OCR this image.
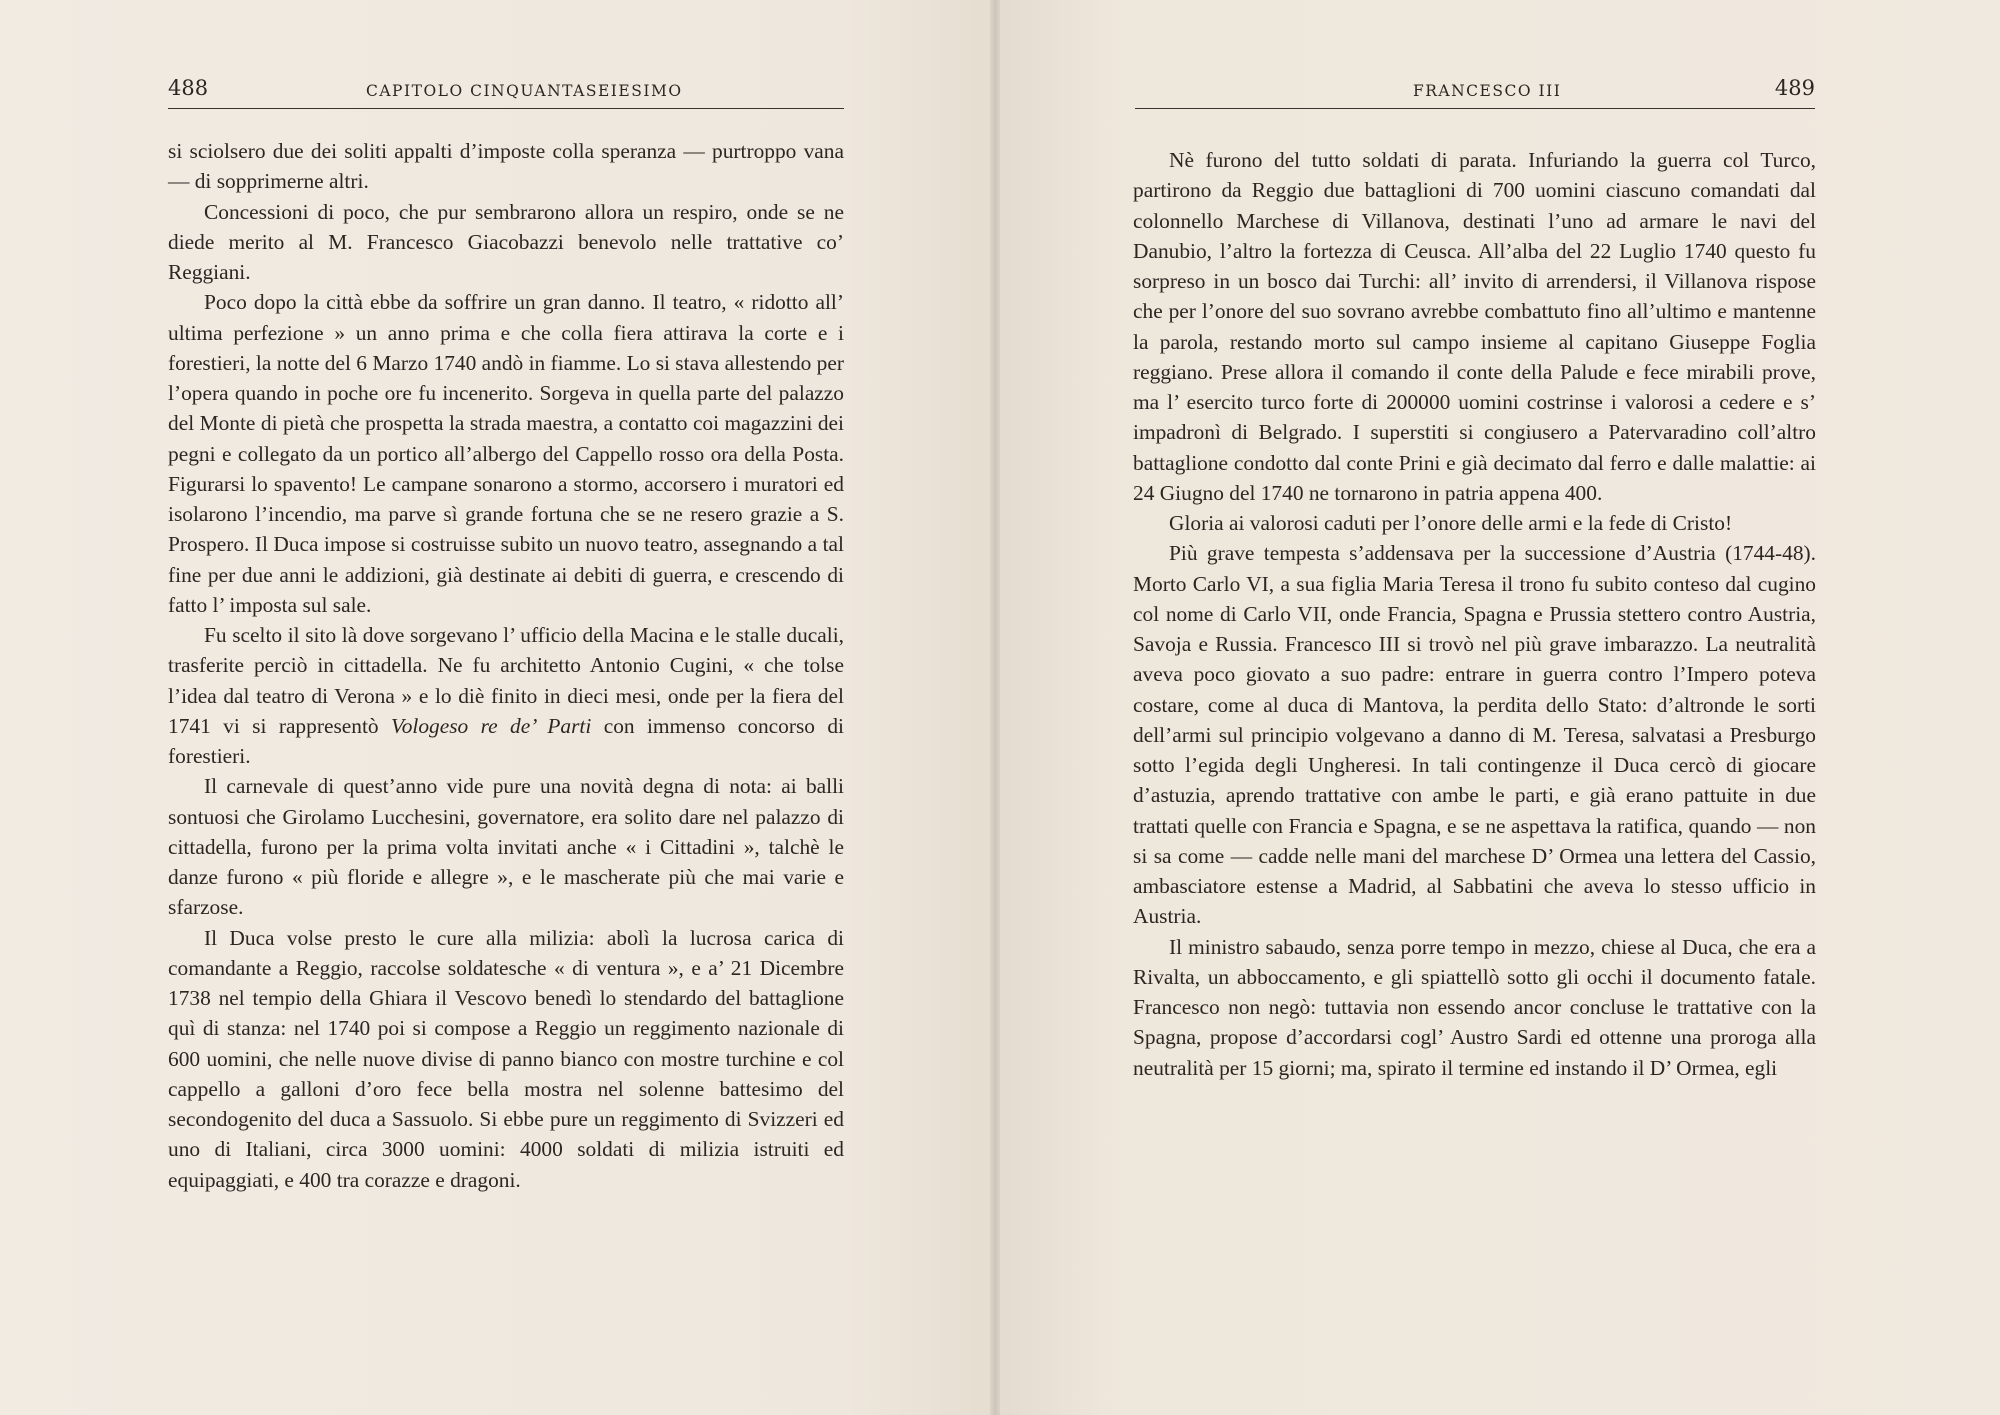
488	CAPITOLO CINQUANTASEIESIMO

si sciolsero due dei soliti appalti d’imposte colla speranza — purtroppo vana — di sopprimerne altri.

Concessioni di poco, che pur sembrarono allora un respiro, onde se ne diede merito al M. Francesco Giacobazzi benevolo nelle trattative co’ Reggiani.

Poco dopo la città ebbe da soffrire un gran danno. Il teatro, « ridotto all’ ultima perfezione » un anno prima e che colla fiera attirava la corte e i forestieri, la notte del 6 Marzo 1740 andò in fiamme. Lo si stava allestendo per l’opera quando in poche ore fu incenerito. Sorgeva in quella parte del palazzo del Monte di pietà che prospetta la strada maestra, a contatto coi magazzini dei pegni e collegato da un portico all’albergo del Cappello rosso ora della Posta. Figurarsi lo spavento! Le campane sonarono a stormo, accorsero i muratori ed isolarono l’incendio, ma parve sì grande fortuna che se ne resero grazie a S. Prospero. Il Duca impose si costruisse subito un nuovo teatro, assegnando a tal fine per due anni le addizioni, già destinate ai debiti di guerra, e crescendo di fatto l’ imposta sul sale.

Fu scelto il sito là dove sorgevano l’ ufficio della Macina e le stalle ducali, trasferite perciò in cittadella. Ne fu architetto Antonio Cugini, « che tolse l’idea dal teatro di Verona » e lo diè finito in dieci mesi, onde per la fiera del 1741 vi si rappresentò Vologeso re de’ Parti con immenso concorso di forestieri.

Il carnevale di quest’anno vide pure una novità degna di nota: ai balli sontuosi che Girolamo Lucchesini, governatore, era solito dare nel palazzo di cittadella, furono per la prima volta invitati anche « i Cittadini », talchè le danze furono « più floride e allegre », e le mascherate più che mai varie e sfarzose.

Il Duca volse presto le cure alla milizia: abolì la lucrosa carica di comandante a Reggio, raccolse soldatesche « di ventura », e a’ 21 Dicembre 1738 nel tempio della Ghiara il Vescovo benedì lo stendardo del battaglione quì di stanza: nel 1740 poi si compose a Reggio un reggimento nazionale di 600 uomini, che nelle nuove divise di panno bianco con mostre turchine e col cappello a galloni d’oro fece bella mostra nel solenne battesimo del secondogenito del duca a Sassuolo. Si ebbe pure un reggimento di Svizzeri ed uno di Italiani, circa 3000 uomini: 4000 soldati di milizia istruiti ed equipaggiati, e 400 tra corazze e dragoni.

FRANCESCO III	489

Nè furono del tutto soldati di parata. Infuriando la guerra col Turco, partirono da Reggio due battaglioni di 700 uomini ciascuno comandati dal colonnello Marchese di Villanova, destinati l’uno ad armare le navi del Danubio, l’altro la fortezza di Ceusca. All’alba del 22 Luglio 1740 questo fu sorpreso in un bosco dai Turchi: all’ invito di arrendersi, il Villanova rispose che per l’onore del suo sovrano avrebbe combattuto fino all’ultimo e mantenne la parola, restando morto sul campo insieme al capitano Giuseppe Foglia reggiano. Prese allora il comando il conte della Palude e fece mirabili prove, ma l’ esercito turco forte di 200000 uomini costrinse i valorosi a cedere e s’ impadronì di Belgrado. I superstiti si congiusero a Patervaradino coll’altro battaglione condotto dal conte Prini e già decimato dal ferro e dalle malattie: ai 24 Giugno del 1740 ne tornarono in patria appena 400.

Gloria ai valorosi caduti per l’onore delle armi e la fede di Cristo!

Più grave tempesta s’addensava per la successione d’Austria (1744-48). Morto Carlo VI, a sua figlia Maria Teresa il trono fu subito conteso dal cugino col nome di Carlo VII, onde Francia, Spagna e Prussia stettero contro Austria, Savoja e Russia. Francesco III si trovò nel più grave imbarazzo. La neutralità aveva poco giovato a suo padre: entrare in guerra contro l’Impero poteva costare, come al duca di Mantova, la perdita dello Stato: d’altronde le sorti dell’armi sul principio volgevano a danno di M. Teresa, salvatasi a Presburgo sotto l’egida degli Ungheresi. In tali contingenze il Duca cercò di giocare d’astuzia, aprendo trattative con ambe le parti, e già erano pattuite in due trattati quelle con Francia e Spagna, e se ne aspettava la ratifica, quando — non si sa come — cadde nelle mani del marchese D’ Ormea una lettera del Cassio, ambasciatore estense a Madrid, al Sabbatini che aveva lo stesso ufficio in Austria.

Il ministro sabaudo, senza porre tempo in mezzo, chiese al Duca, che era a Rivalta, un abboccamento, e gli spiattellò sotto gli occhi il documento fatale. Francesco non negò: tuttavia non essendo ancor concluse le trattative con la Spagna, propose d’accordarsi cogl’ Austro Sardi ed ottenne una proroga alla neutralità per 15 giorni; ma, spirato il termine ed instando il D’ Ormea, egli
